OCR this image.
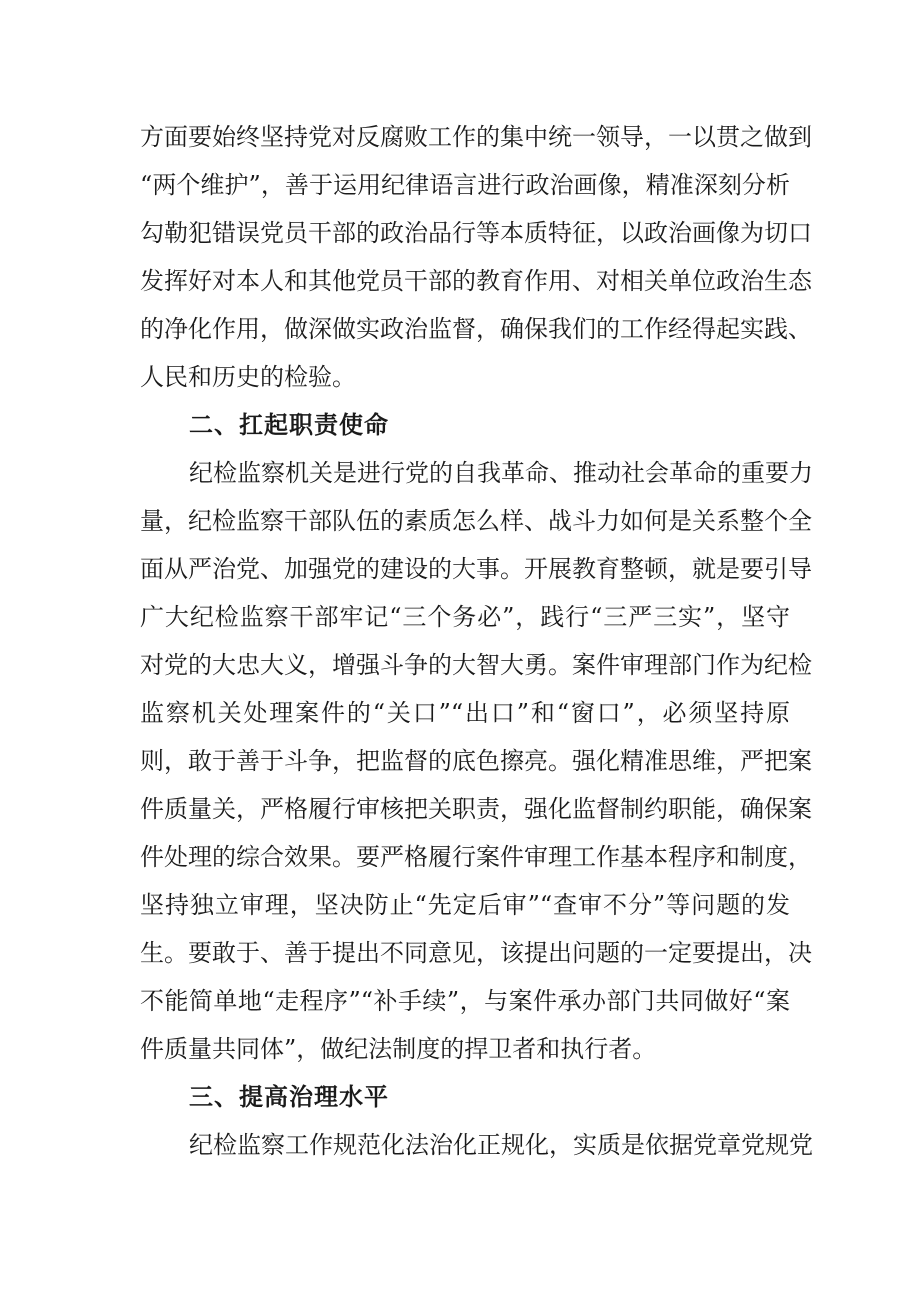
方面要始终坚持党对反腐败工作的集中统一领导，一以贯之做到
“两个维护”，善于运用纪律语言进行政治画像，精准深刻分析
勾勒犯错误党员干部的政治品行等本质特征，以政治画像为切口
发挥好对本人和其他党员干部的教育作用、对相关单位政治生态
的净化作用，做深做实政治监督，确保我们的工作经得起实践、
人民和历史的检验。
二、扛起职责使命
纪检监察机关是进行党的自我革命、推动社会革命的重要力
量，纪检监察干部队伍的素质怎么样、战斗力如何是关系整个全
面从严治党、加强党的建设的大事。开展教育整顿，就是要引导
广大纪检监察干部牢记“三个务必”，践行“三严三实”，坚守
对党的大忠大义，增强斗争的大智大勇。案件审理部门作为纪检
监察机关处理案件的“关口”“出口”和“窗口”，必须坚持原
则，敢于善于斗争，把监督的底色擦亮。强化精准思维，严把案
件质量关，严格履行审核把关职责，强化监督制约职能，确保案
件处理的综合效果。要严格履行案件审理工作基本程序和制度，
坚持独立审理，坚决防止“先定后审”“查审不分”等问题的发
生。要敢于、善于提出不同意见，该提出问题的一定要提出，决
不能简单地“走程序”“补手续”，与案件承办部门共同做好“案
件质量共同体”，做纪法制度的捍卫者和执行者。
三、提高治理水平
纪检监察工作规范化法治化正规化，实质是依据党章党规党
